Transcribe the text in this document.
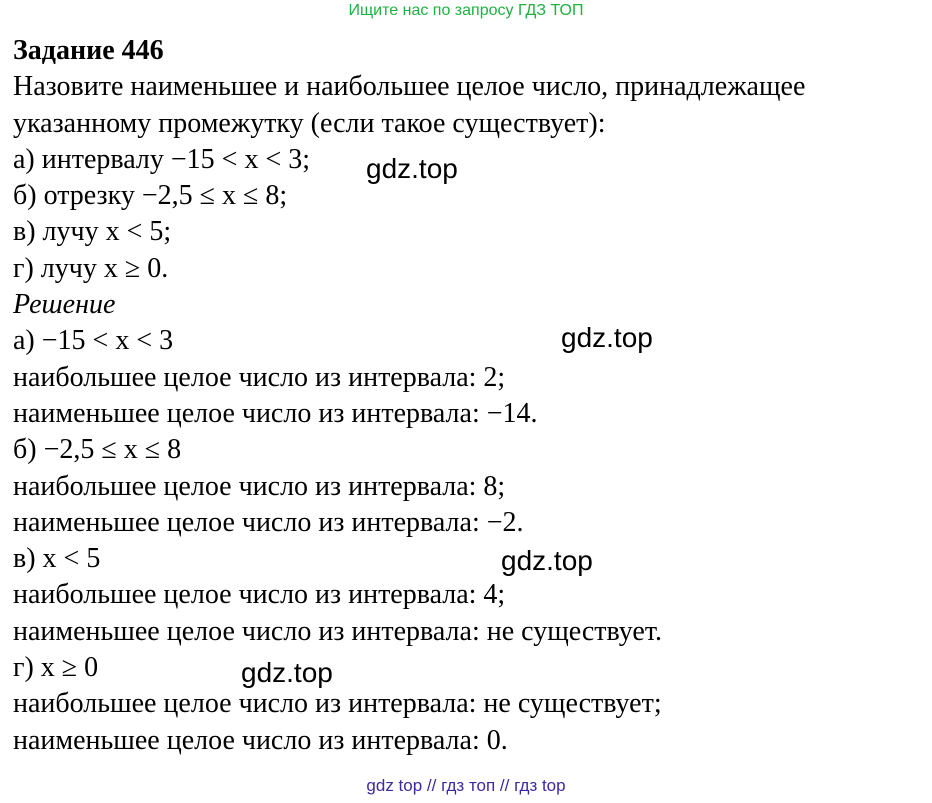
Ищите нас по запросу ГДЗ ТОП
Задание 446
Назовите наименьшее и наибольшее целое число, принадлежащее
указанному промежутку (если такое существует):
а) интервалу −15 < x < 3;
б) отрезку −2,5 ≤ x ≤ 8;
в) лучу x < 5;
г) лучу x ≥ 0.
Решение
а) −15 < x < 3
наибольшее целое число из интервала: 2;
наименьшее целое число из интервала: −14.
б) −2,5 ≤ x ≤ 8
наибольшее целое число из интервала: 8;
наименьшее целое число из интервала: −2.
в) x < 5
наибольшее целое число из интервала: 4;
наименьшее целое число из интервала: не существует.
г) x ≥ 0
наибольшее целое число из интервала: не существует;
наименьшее целое число из интервала: 0.
gdz.top
gdz.top
gdz.top
gdz.top
gdz top // гдз топ // гдз top
